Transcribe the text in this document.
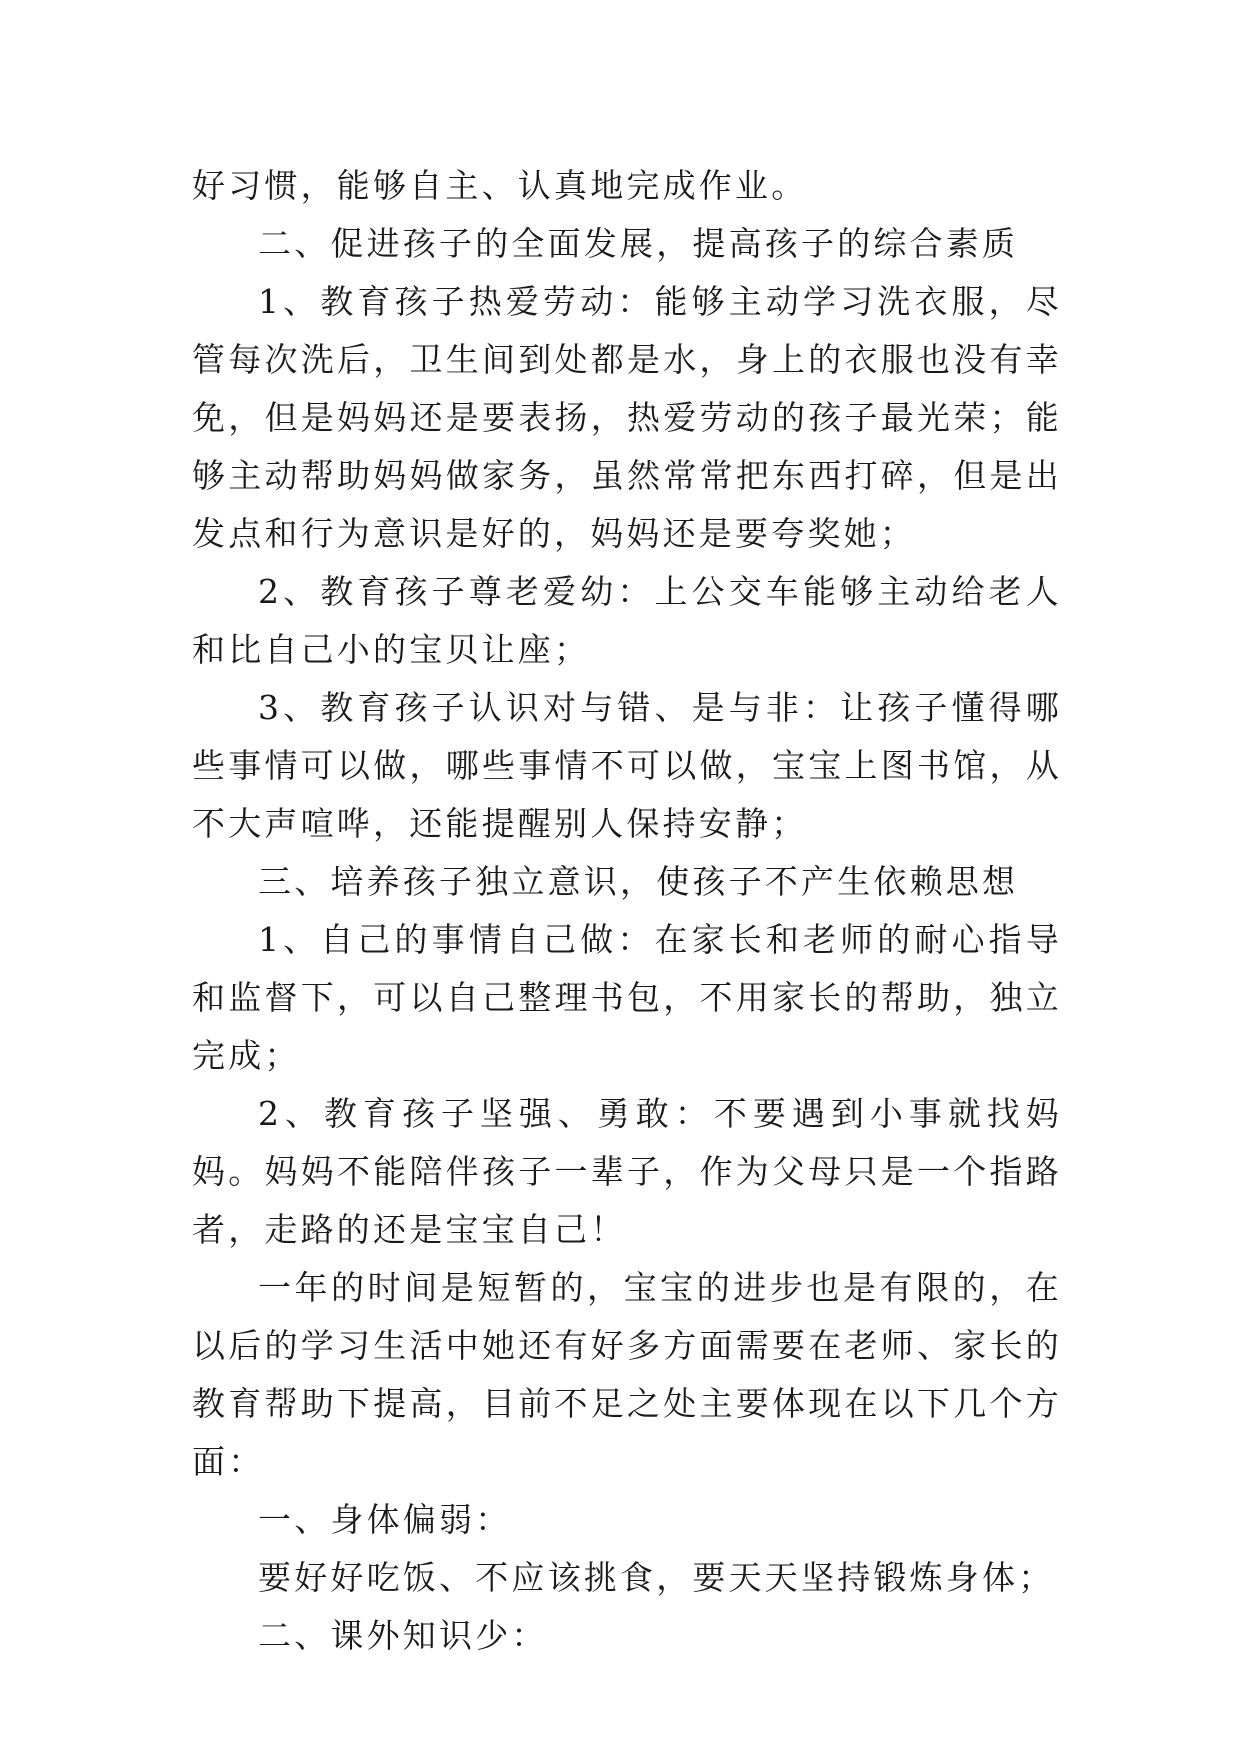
好习惯，能够自主、认真地完成作业。

二、促进孩子的全面发展，提高孩子的综合素质

1、教育孩子热爱劳动：能够主动学习洗衣服，尽管每次洗后，卫生间到处都是水，身上的衣服也没有幸免，但是妈妈还是要表扬，热爱劳动的孩子最光荣；能够主动帮助妈妈做家务，虽然常常把东西打碎，但是出发点和行为意识是好的，妈妈还是要夸奖她；

2、教育孩子尊老爱幼：上公交车能够主动给老人和比自己小的宝贝让座；

3、教育孩子认识对与错、是与非：让孩子懂得哪些事情可以做，哪些事情不可以做，宝宝上图书馆，从不大声喧哗，还能提醒别人保持安静；

三、培养孩子独立意识，使孩子不产生依赖思想

1、自己的事情自己做：在家长和老师的耐心指导和监督下，可以自己整理书包，不用家长的帮助，独立完成；

2、教育孩子坚强、勇敢：不要遇到小事就找妈妈。妈妈不能陪伴孩子一辈子，作为父母只是一个指路者，走路的还是宝宝自己！

一年的时间是短暂的，宝宝的进步也是有限的，在以后的学习生活中她还有好多方面需要在老师、家长的教育帮助下提高，目前不足之处主要体现在以下几个方面：

一、身体偏弱：

要好好吃饭、不应该挑食，要天天坚持锻炼身体；

二、课外知识少：
